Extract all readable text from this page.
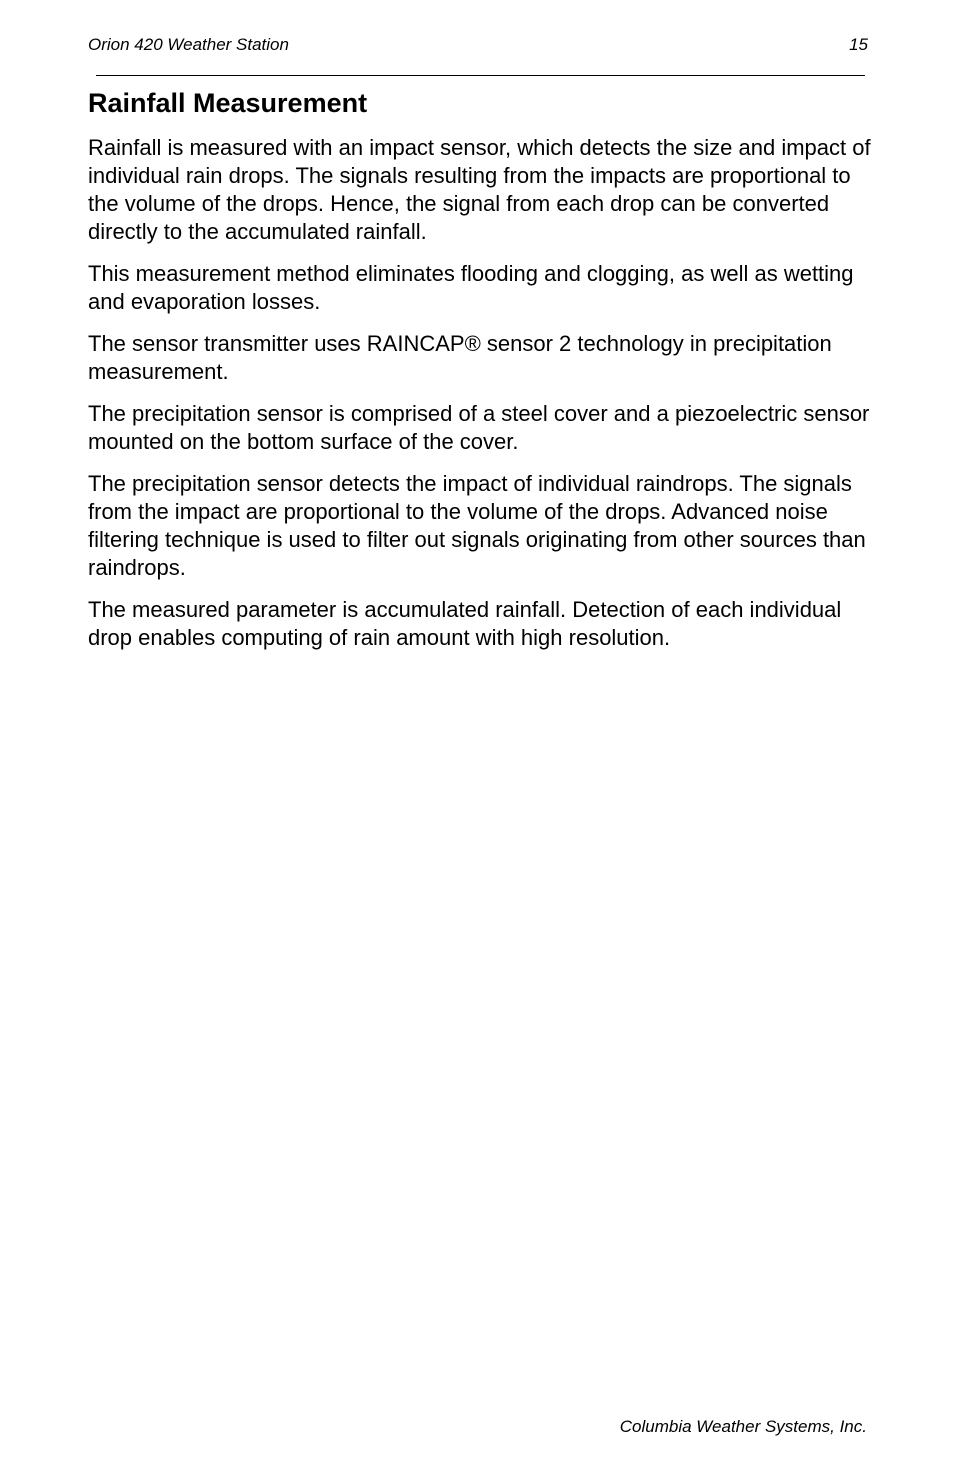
Orion 420 Weather Station	15
Rainfall Measurement

Rainfall is measured with an impact sensor, which detects the size and impact of individual rain drops. The signals resulting from the impacts are proportional to the volume of the drops. Hence, the signal from each drop can be converted directly to the accumulated rainfall.

This measurement method eliminates flooding and clogging, as well as wetting and evaporation losses.

The sensor transmitter uses RAINCAP® sensor 2 technology in precipitation measurement.

The precipitation sensor is comprised of a steel cover and a piezoelectric sensor mounted on the bottom surface of the cover.

The precipitation sensor detects the impact of individual raindrops. The signals from the impact are proportional to the volume of the drops. Advanced noise filtering technique is used to filter out signals originating from other sources than raindrops.

The measured parameter is accumulated rainfall. Detection of each individual drop enables computing of rain amount with high resolution.

Columbia Weather Systems, Inc.
